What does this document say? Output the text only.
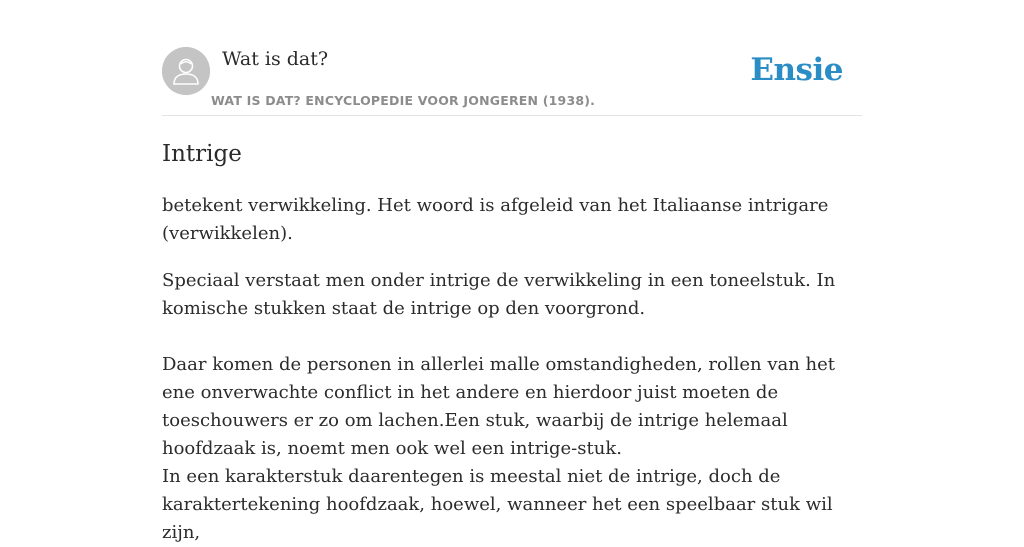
Wat is dat?
WAT IS DAT? ENCYCLOPEDIE VOOR JONGEREN (1938).
Ensie
Intrige

betekent verwikkeling. Het woord is afgeleid van het Italiaanse intrigare (verwikkelen).

Speciaal verstaat men onder intrige de verwikkeling in een toneelstuk. In komische stukken staat de intrige op den voorgrond.

Daar komen de personen in allerlei malle omstandigheden, rollen van het ene onverwachte conflict in het andere en hierdoor juist moeten de toeschouwers er zo om lachen.Een stuk, waarbij de intrige helemaal hoofdzaak is, noemt men ook wel een intrige-stuk.

In een karakterstuk daarentegen is meestal niet de intrige, doch de karaktertekening hoofdzaak, hoewel, wanneer het een speelbaar stuk wil zijn,
